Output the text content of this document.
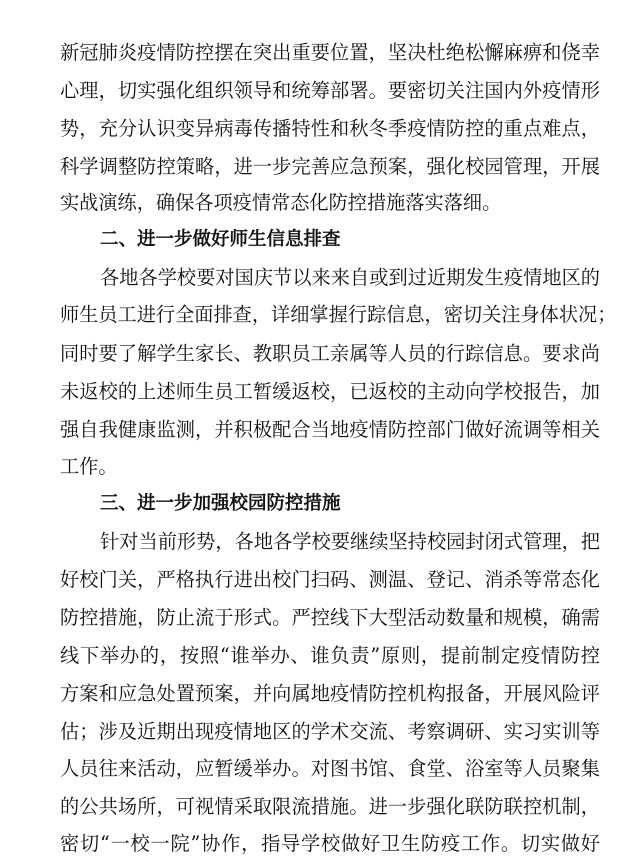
新冠肺炎疫情防控摆在突出重要位置，坚决杜绝松懈麻痹和侥幸
心理，切实强化组织领导和统筹部署。要密切关注国内外疫情形
势，充分认识变异病毒传播特性和秋冬季疫情防控的重点难点，
科学调整防控策略，进一步完善应急预案，强化校园管理，开展
实战演练，确保各项疫情常态化防控措施落实落细。
二、进一步做好师生信息排查
各地各学校要对国庆节以来来自或到过近期发生疫情地区的
师生员工进行全面排查，详细掌握行踪信息，密切关注身体状况；
同时要了解学生家长、教职员工亲属等人员的行踪信息。要求尚
未返校的上述师生员工暂缓返校，已返校的主动向学校报告，加
强自我健康监测，并积极配合当地疫情防控部门做好流调等相关
工作。
三、进一步加强校园防控措施
针对当前形势，各地各学校要继续坚持校园封闭式管理，把
好校门关，严格执行进出校门扫码、测温、登记、消杀等常态化
防控措施，防止流于形式。严控线下大型活动数量和规模，确需
线下举办的，按照“谁举办、谁负责”原则，提前制定疫情防控
方案和应急处置预案，并向属地疫情防控机构报备，开展风险评
估；涉及近期出现疫情地区的学术交流、考察调研、实习实训等
人员往来活动，应暂缓举办。对图书馆、食堂、浴室等人员聚集
的公共场所，可视情采取限流措施。进一步强化联防联控机制，
密切“一校一院”协作，指导学校做好卫生防疫工作。切实做好
